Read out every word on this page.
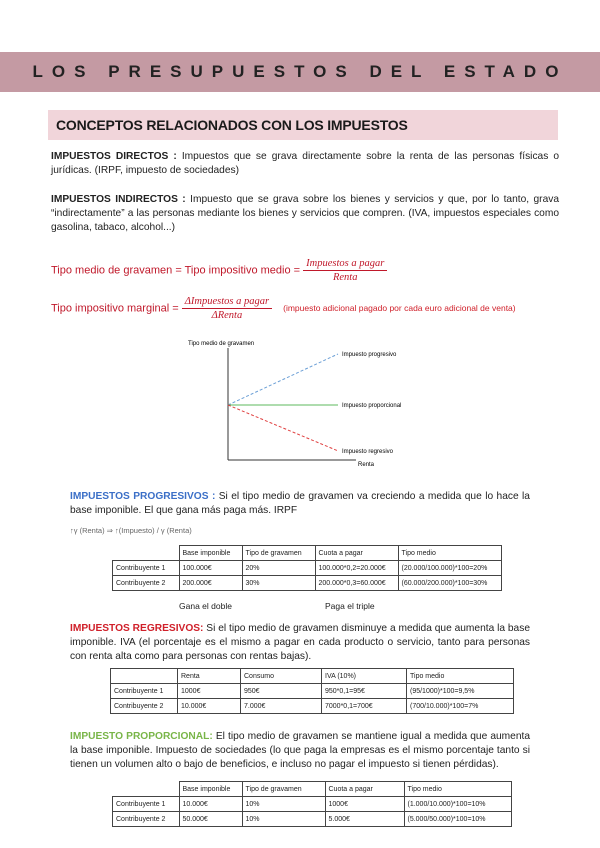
LOS PRESUPUESTOS DEL ESTADO
CONCEPTOS RELACIONADOS CON LOS IMPUESTOS
IMPUESTOS DIRECTOS : Impuestos que se grava directamente sobre la renta de las personas físicas o jurídicas. (IRPF, impuesto de sociedades)
IMPUESTOS INDIRECTOS : Impuesto que se grava sobre los bienes y servicios y que, por lo tanto, grava “indirectamente” a las personas mediante los bienes y servicios que compren. (IVA, impuestos especiales como gasolina, tabaco, alcohol...)
Tipo medio de gravamen = Tipo impositivo medio = $\frac{\text{Impuestos a pagar}}{\text{Renta}}$
Tipo impositivo marginal = $\frac{\text{ΔImpuestos a pagar}}{\text{ΔRenta}}$ (impuesto adicional pagado por cada euro adicional de venta)
Tipo medio de gravamen
Renta
Impuesto progresivo
Impuesto proporcional
Impuesto regresivo
IMPUESTOS PROGRESIVOS : Si el tipo medio de gravamen va creciendo a medida que lo hace la base imponible. El que gana más paga más. IRPF
↑γ (Renta) ⇒ ↑(Impuesto) / γ (Renta)
	Base imponible	Tipo de gravamen	Cuota a pagar	Tipo medio
Contribuyente 1	100.000€	20%	100.000*0,2=20.000€	(20.000/100.000)*100=20%
Contribuyente 2	200.000€	30%	200.000*0,3=60.000€	(60.000/200.000)*100=30%
Gana el doble	Paga el triple
IMPUESTOS REGRESIVOS: Si el tipo medio de gravamen disminuye a medida que aumenta la base imponible. IVA (el porcentaje es el mismo a pagar en cada producto o servicio, tanto para personas con renta alta como para personas con rentas bajas).
	Renta	Consumo	IVA (10%)	Tipo medio
Contribuyente 1	1000€	950€	950*0,1=95€	(95/1000)*100=9,5%
Contribuyente 2	10.000€	7.000€	7000*0,1=700€	(700/10.000)*100=7%
IMPUESTO PROPORCIONAL: El tipo medio de gravamen se mantiene igual a medida que aumenta la base imponible. Impuesto de sociedades (lo que paga la empresas es el mismo porcentaje tanto si tienen un volumen alto o bajo de beneficios, e incluso no pagar el impuesto si tienen pérdidas).
	Base imponible	Tipo de gravamen	Cuota a pagar	Tipo medio
Contribuyente 1	10.000€	10%	1000€	(1.000/10.000)*100=10%
Contribuyente 2	50.000€	10%	5.000€	(5.000/50.000)*100=10%
